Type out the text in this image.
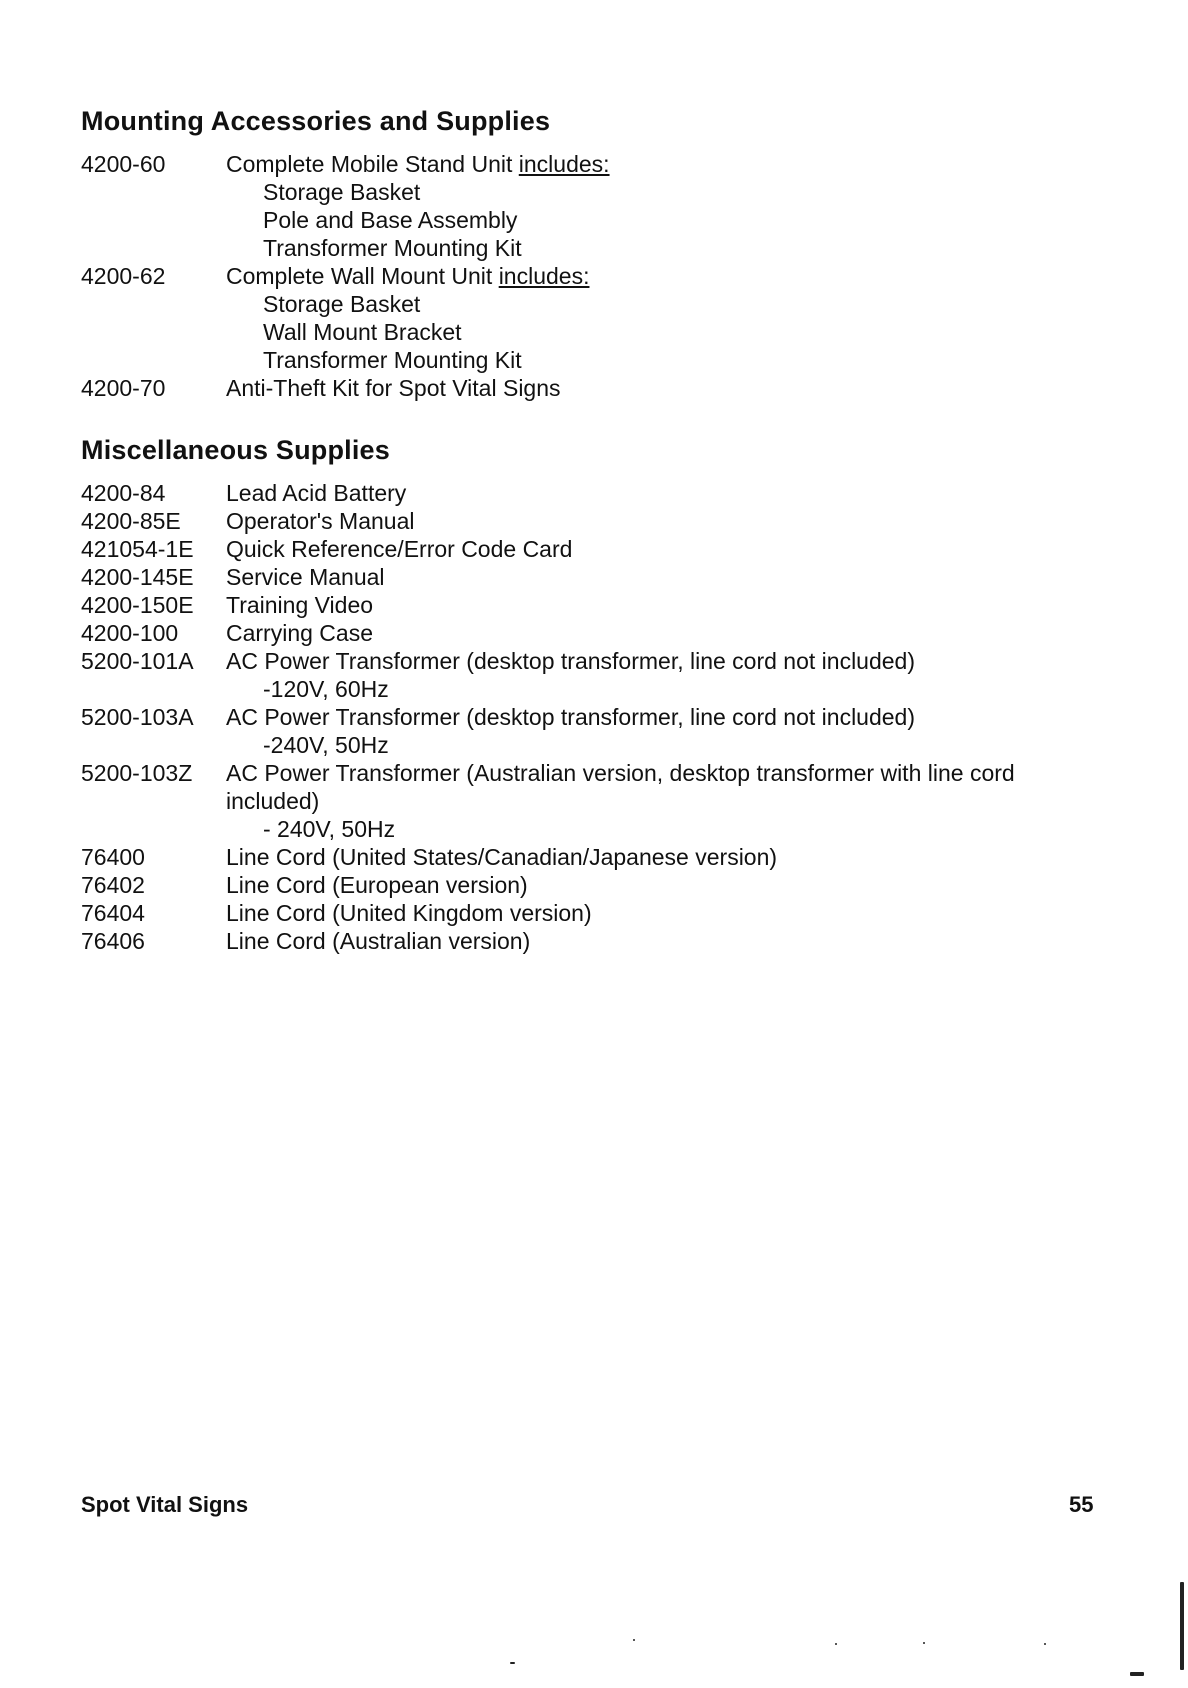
Mounting Accessories and Supplies
4200-60	Complete Mobile Stand Unit includes:
Storage Basket
Pole and Base Assembly
Transformer Mounting Kit
4200-62	Complete Wall Mount Unit includes:
Storage Basket
Wall Mount Bracket
Transformer Mounting Kit
4200-70	Anti-Theft Kit for Spot Vital Signs
Miscellaneous Supplies
4200-84	Lead Acid Battery
4200-85E	Operator's Manual
421054-1E	Quick Reference/Error Code Card
4200-145E	Service Manual
4200-150E	Training Video
4200-100	Carrying Case
5200-101A	AC Power Transformer (desktop transformer, line cord not included)
-120V, 60Hz
5200-103A	AC Power Transformer (desktop transformer, line cord not included)
-240V, 50Hz
5200-103Z	AC Power Transformer (Australian version, desktop transformer with line cord included)
- 240V, 50Hz
76400	Line Cord (United States/Canadian/Japanese version)
76402	Line Cord (European version)
76404	Line Cord (United Kingdom version)
76406	Line Cord (Australian version)
Spot Vital Signs	55
